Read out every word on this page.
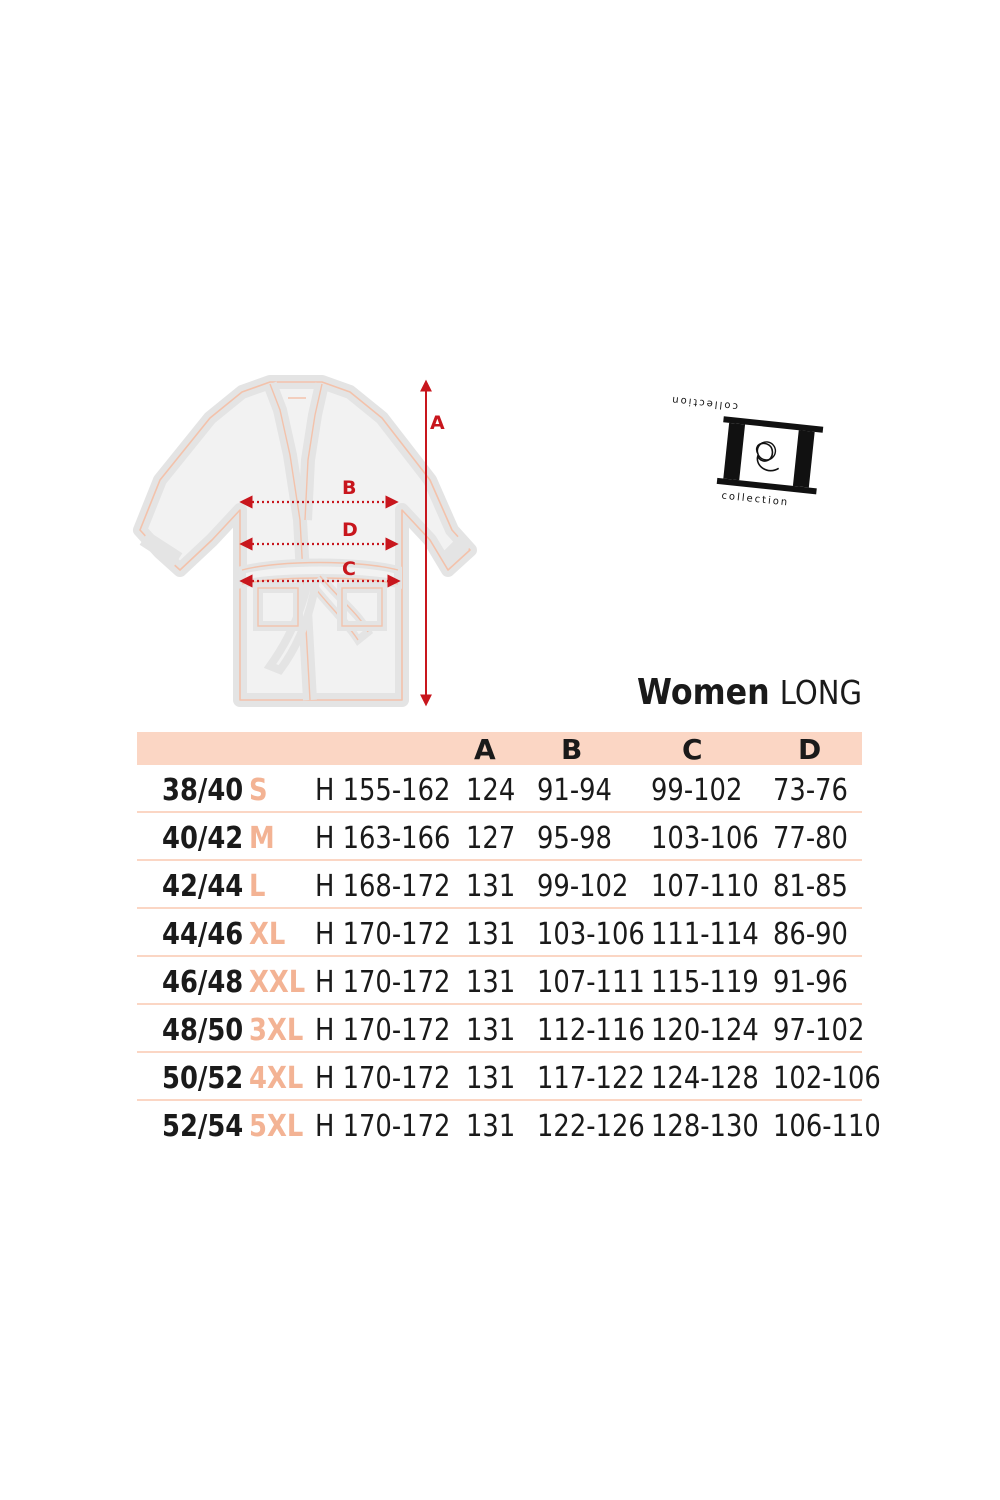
A
B
D
C
collection
collection
Women LONG
A B	C	D
38/40 S H 155-162 124 91-94 99-102 73-76
40/42 M H 163-166 127 95-98 103-106 77-80
42/44 L H 168-172 131 99-102 107-110 81-85
44/46 XL H 170-172 131 103-106 111-114 86-90
46/48 XXL H 170-172 131 107-111 115-119 91-96
48/50 3XL H 170-172 131 112-116 120-124 97-102
50/52 4XL H 170-172 131 117-122 124-128 102-106
52/54 5XL H 170-172 131 122-126 128-130 106-110
